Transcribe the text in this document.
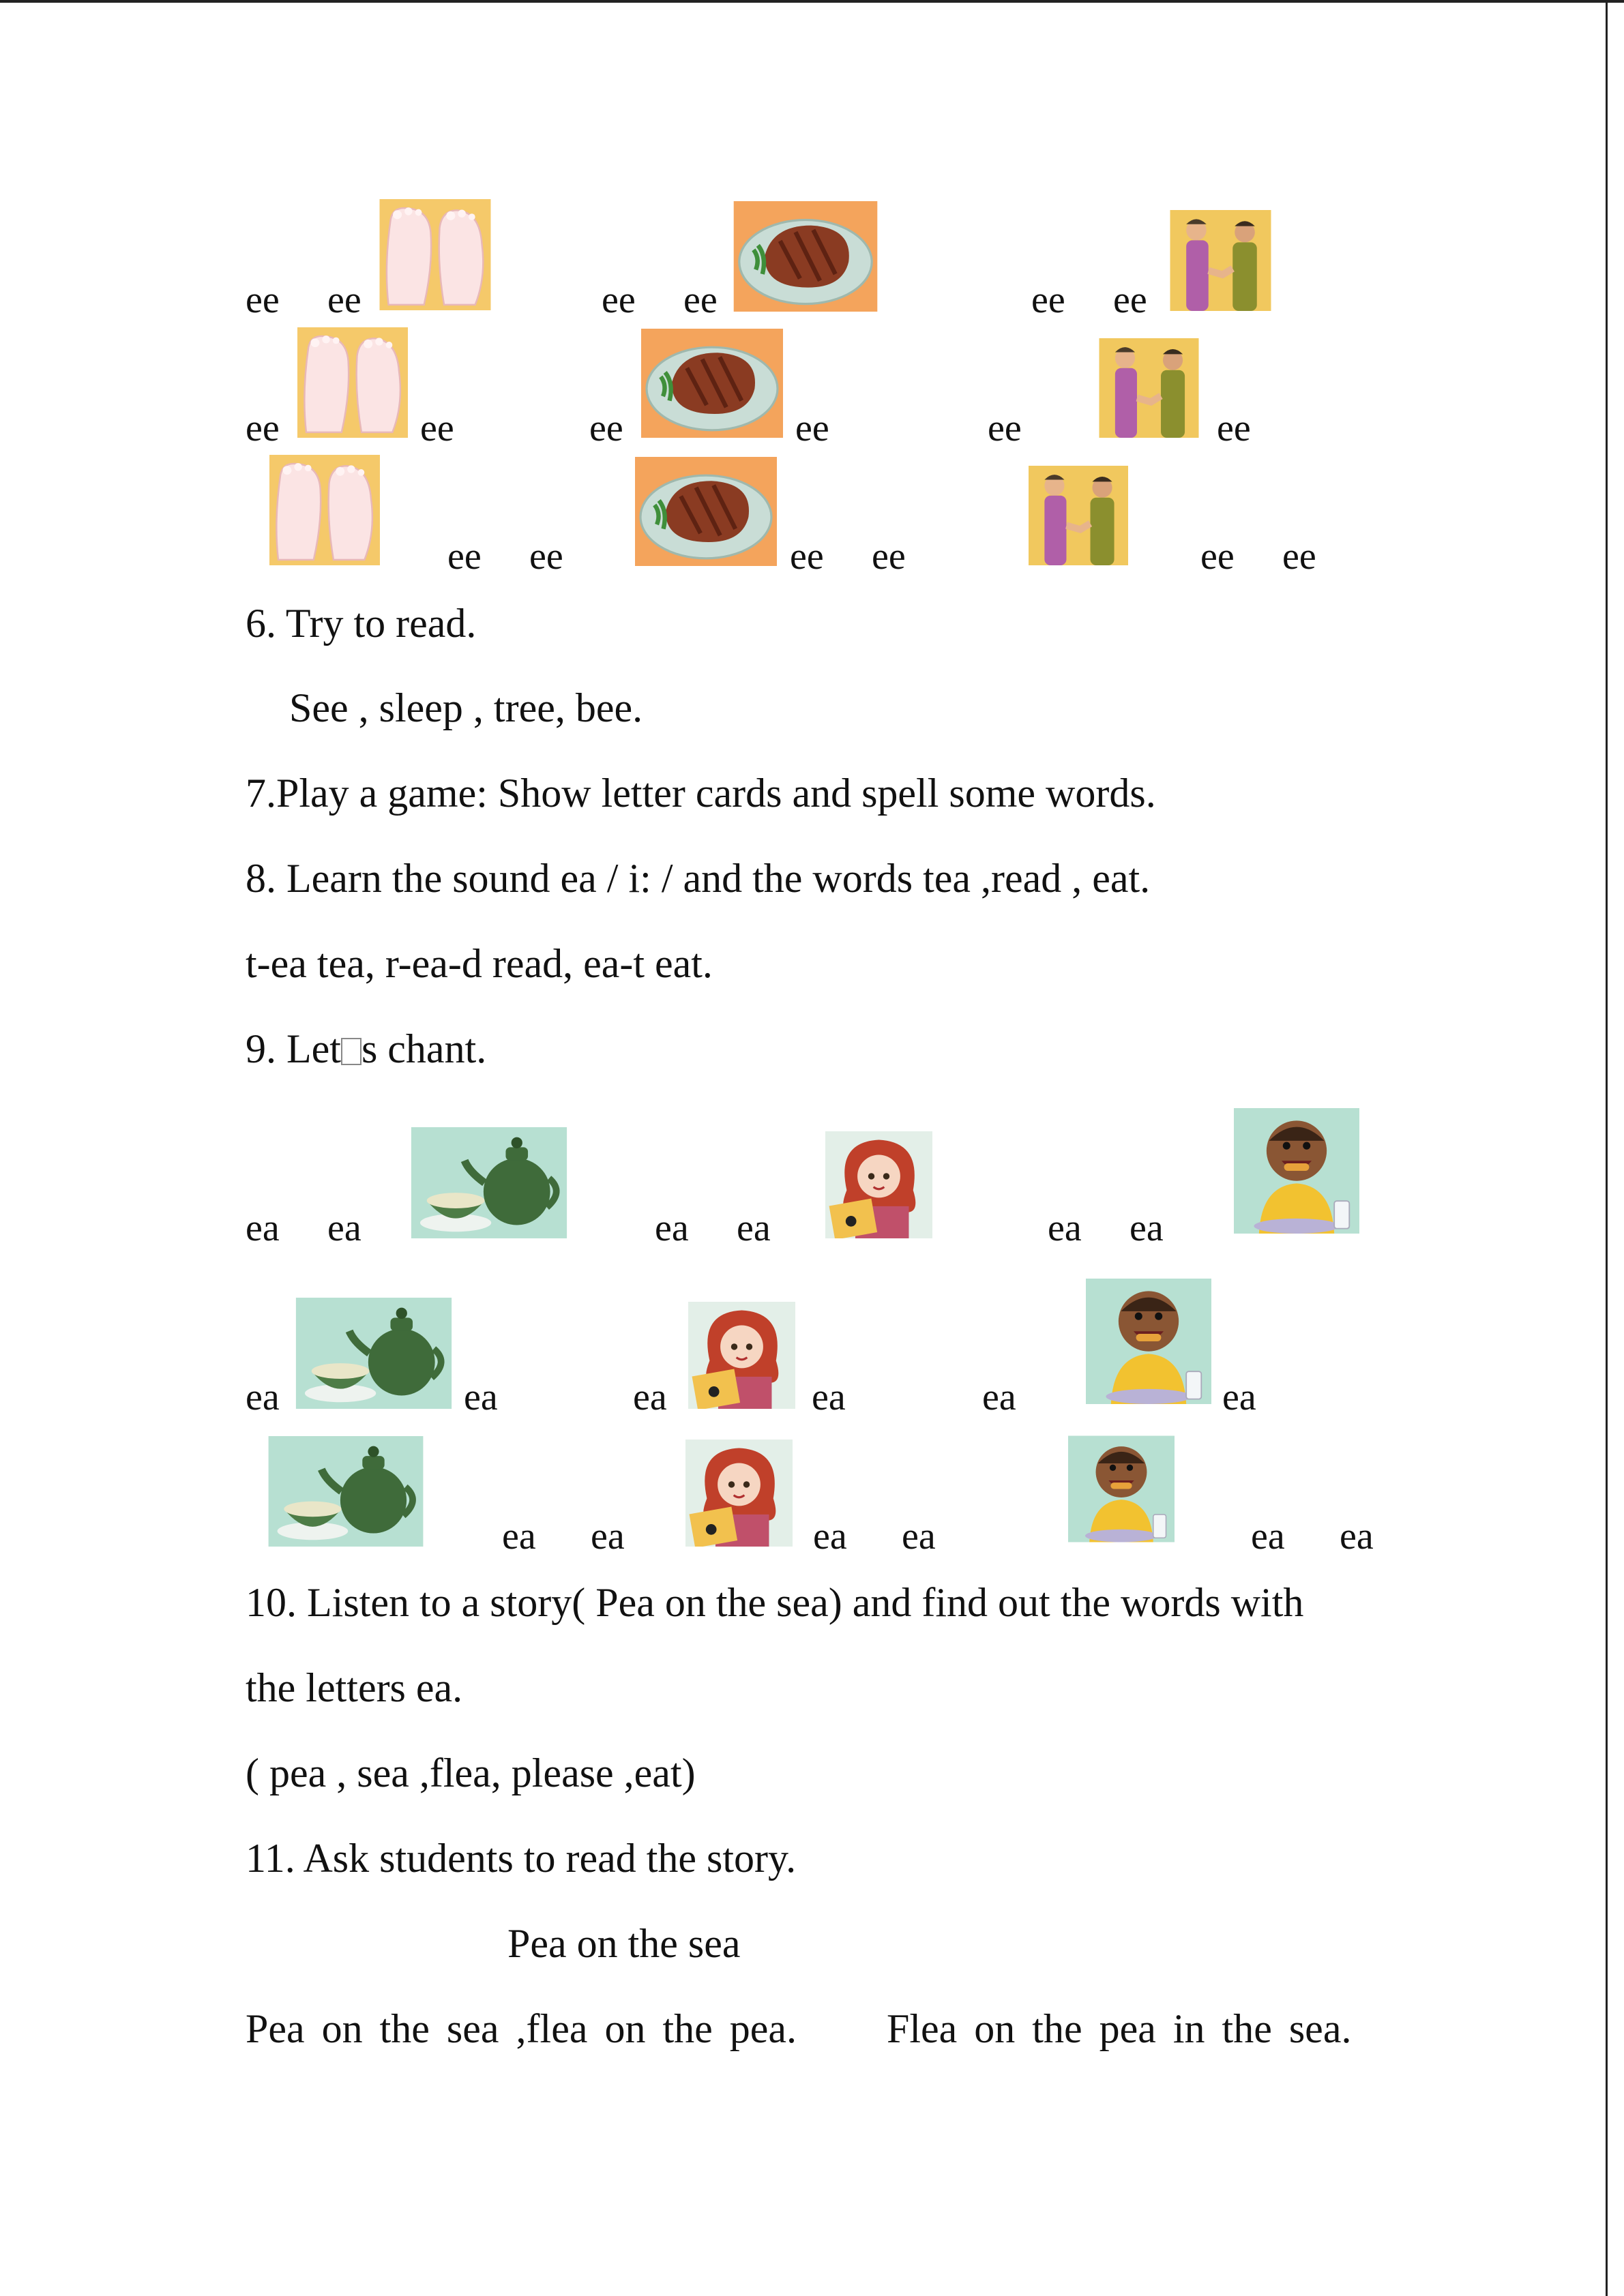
ee ee	ee ee	ee ee
ee	ee	ee	ee	ee	ee
ee ee	ee ee	ee ee
6. Try to read.
See , sleep , tree, bee.
7.Play a game: Show letter cards and spell some words.
8. Learn the sound ea / i: / and the words tea ,read , eat.
t-ea tea, r-ea-d read, ea-t eat.
9. Let s chant.
ea ea	ea ea	ea ea
ea	ea	ea	ea	ea	ea
ea ea	ea ea	ea ea
10. Listen to a story( Pea on the sea) and find out the words with
the letters ea.
( pea , sea ,flea, please ,eat)
11. Ask students to read the story.
Pea on the sea
Pea on the sea ,flea on the pea. Flea on the pea in the sea.
